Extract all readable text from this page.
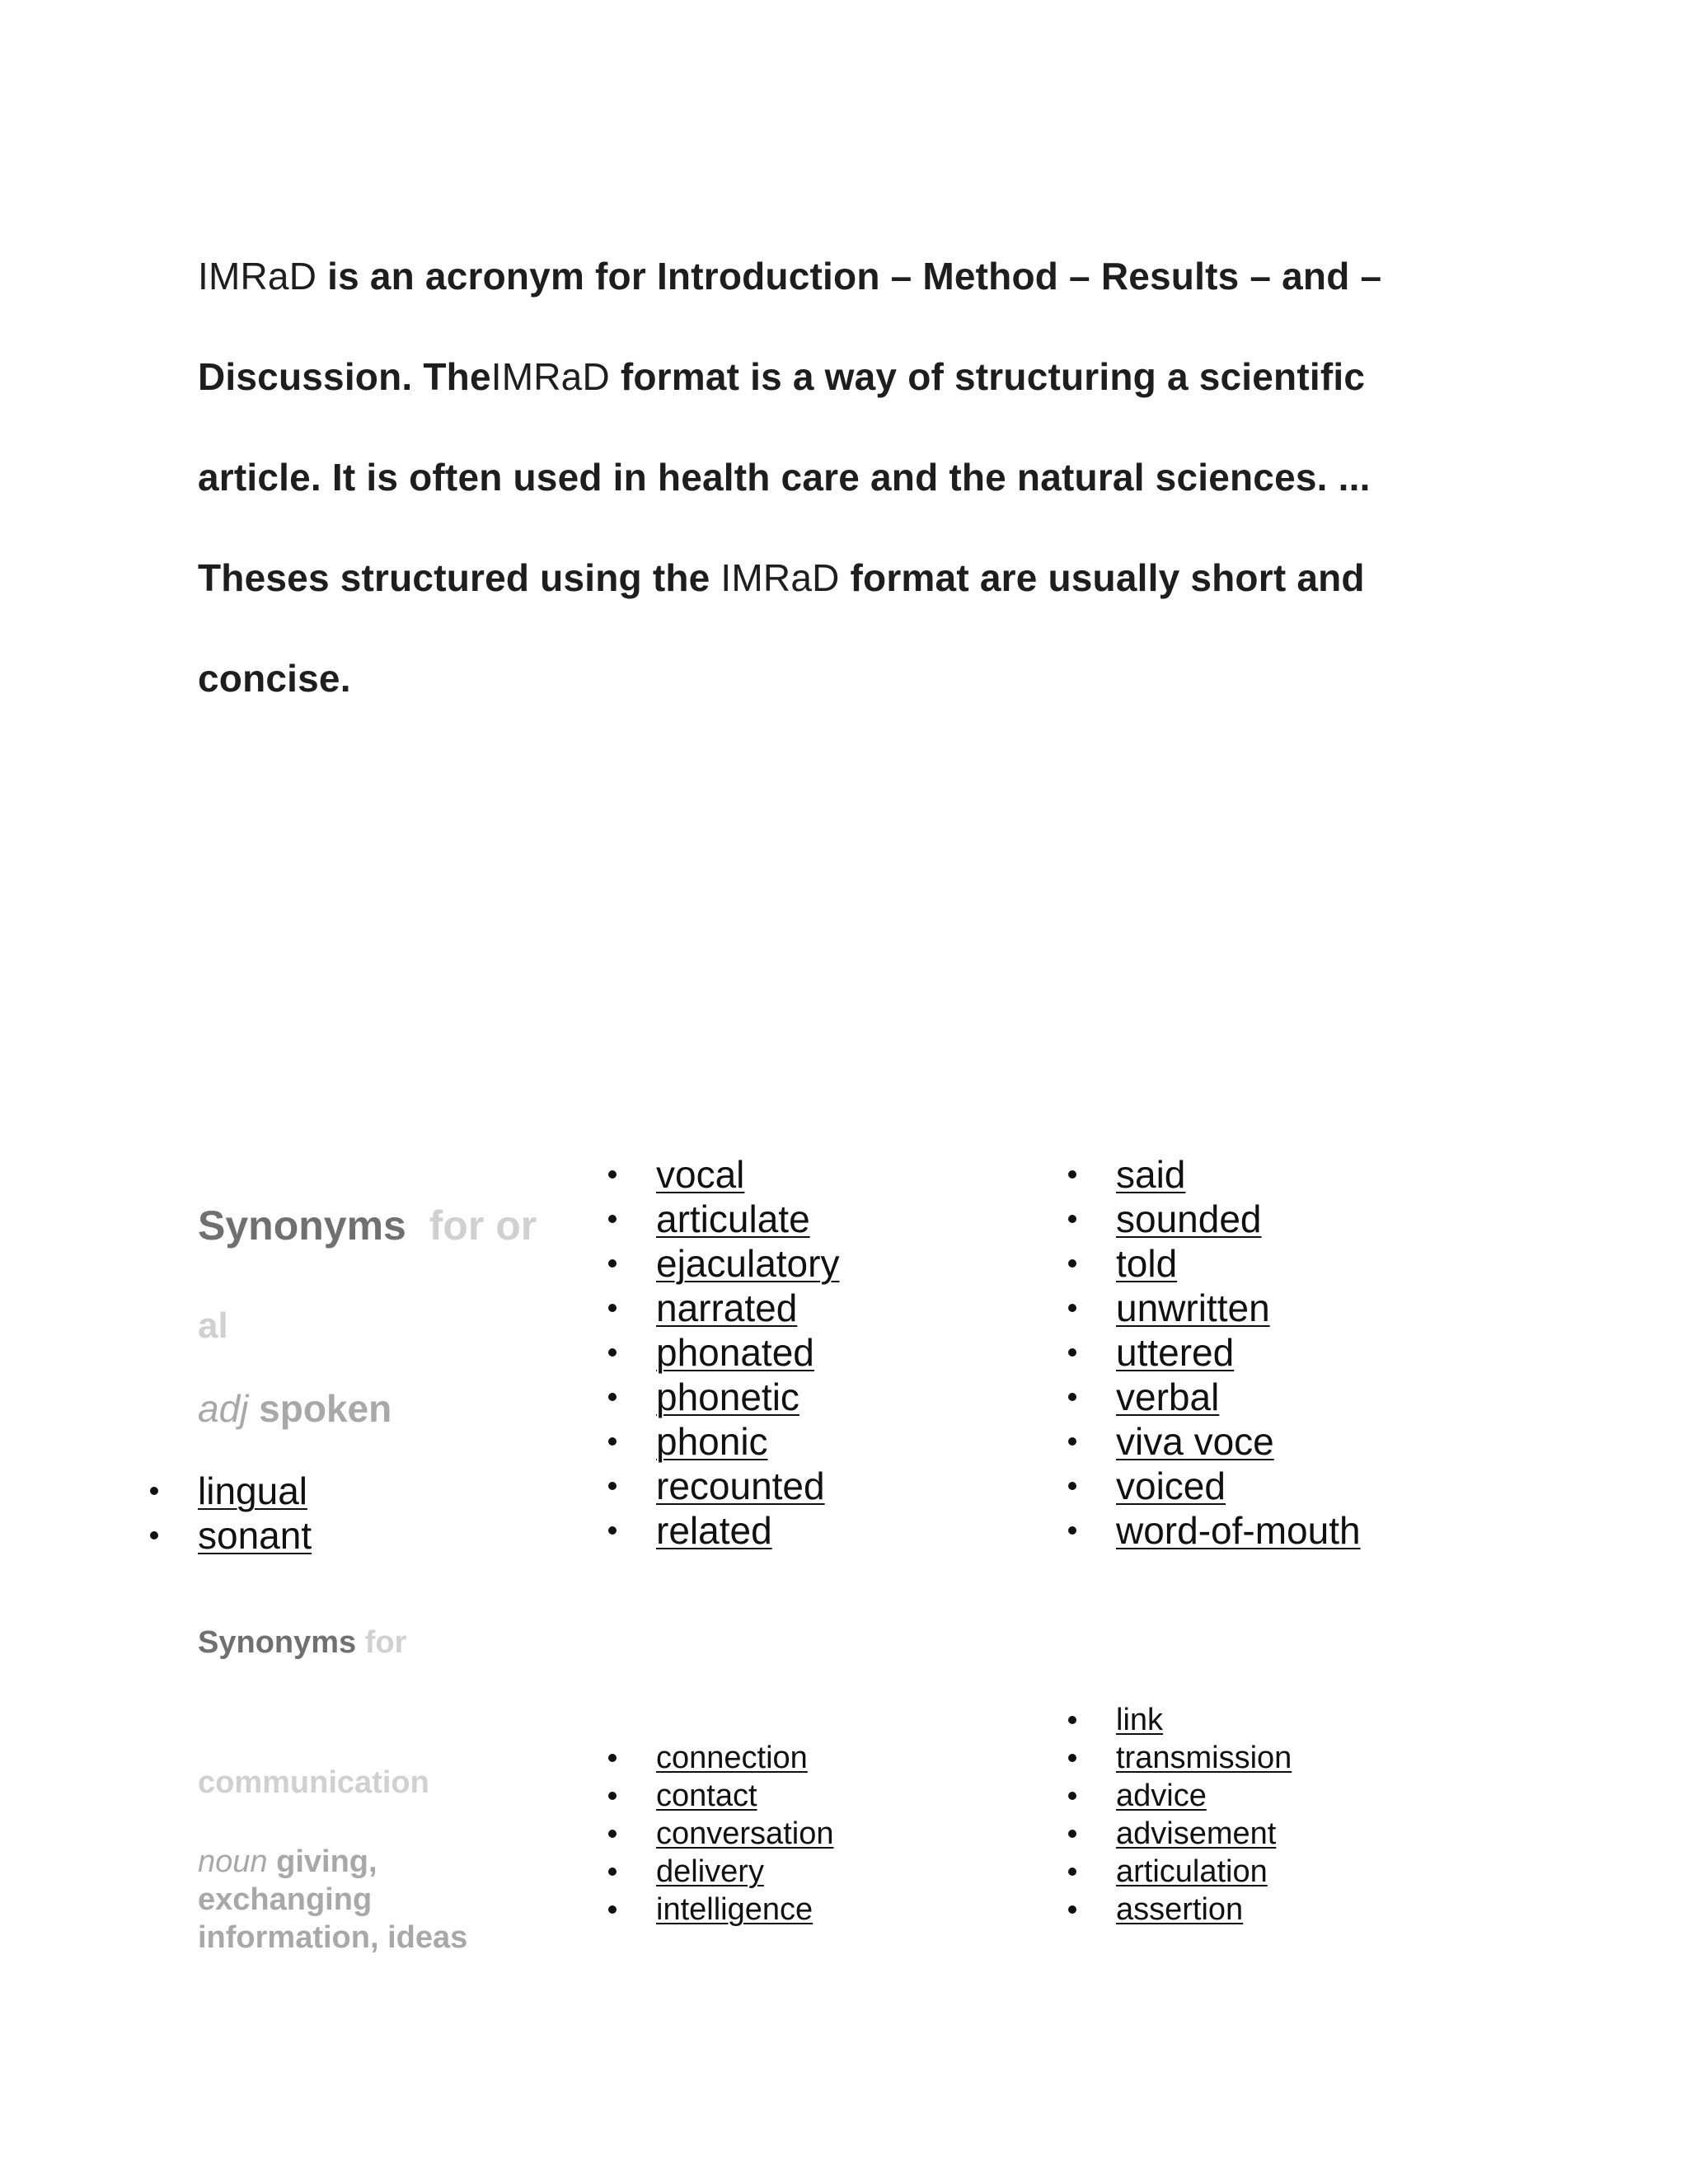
IMRaD is an acronym for Introduction – Method – Results – and –

Discussion. TheIMRaD format is a way of structuring a scientific

article. It is often used in health care and the natural sciences. ...

Theses structured using the IMRaD format are usually short and

concise.

Synonyms for or

al

adj spoken

lingual
sonant
vocal
articulate
ejaculatory
narrated
phonated
phonetic
phonic
recounted
related
said
sounded
told
unwritten
uttered
verbal
viva voce
voiced
word-of-mouth

Synonyms for

communication

noun giving,
exchanging
information, ideas
connection
contact
conversation
delivery
intelligence
link
transmission
advice
advisement
articulation
assertion
